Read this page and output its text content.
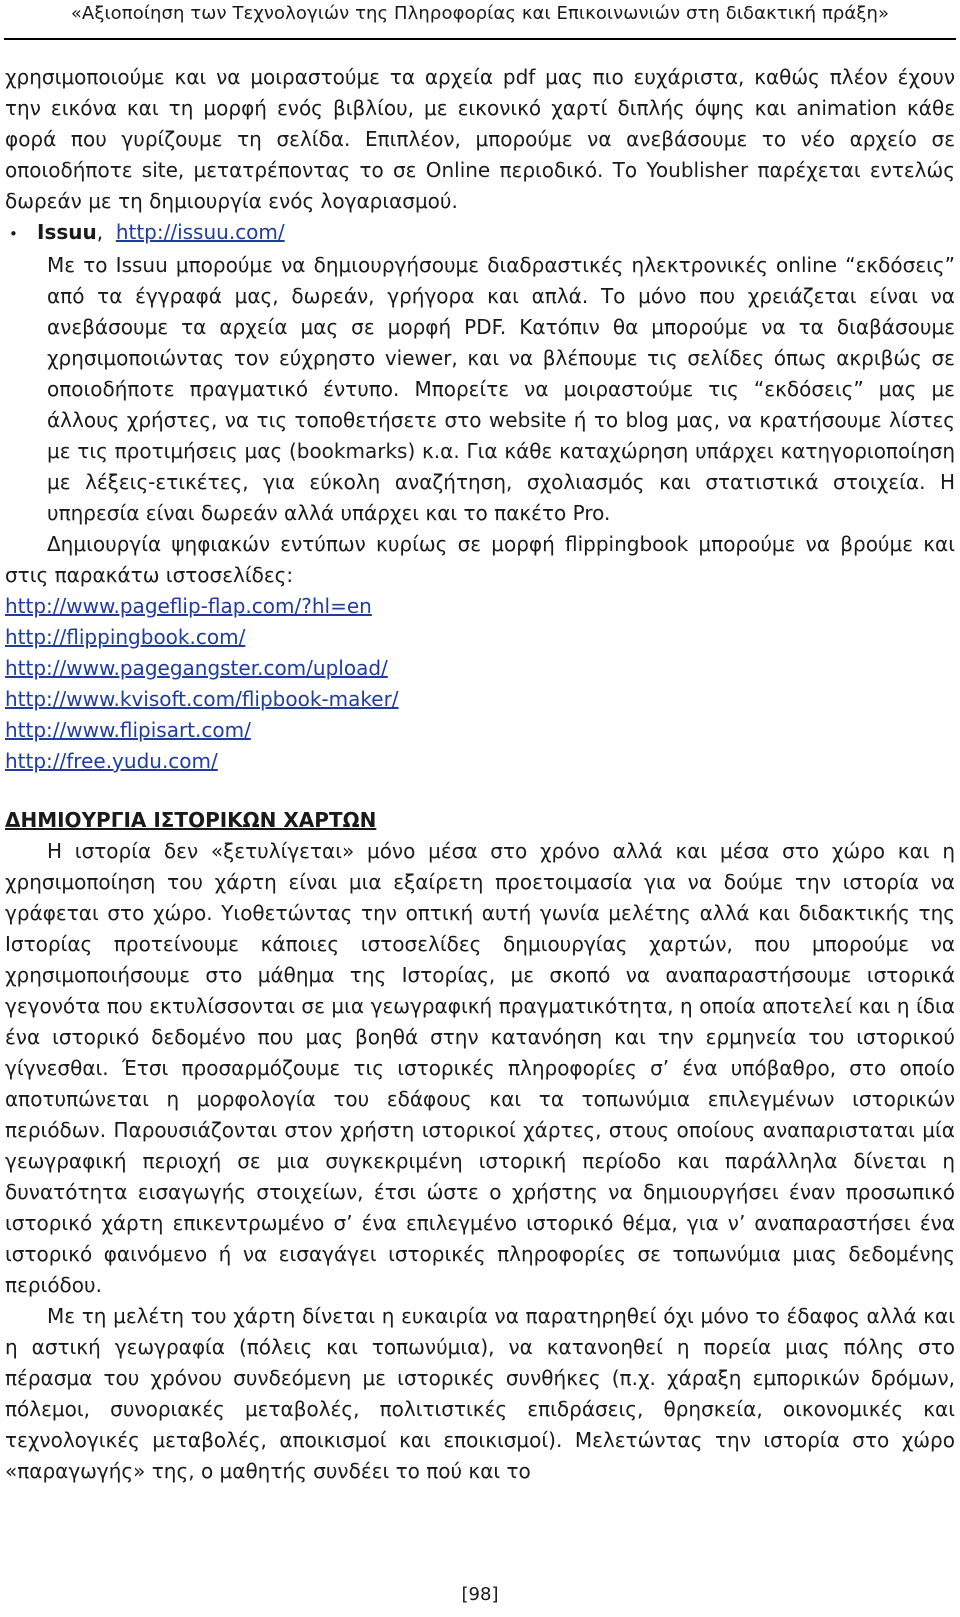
«Αξιοποίηση των Τεχνολογιών της Πληροφορίας και Επικοινωνιών στη διδακτική πράξη»

χρησιμοποιούμε και να μοιραστούμε τα αρχεία pdf μας πιο ευχάριστα, καθώς πλέον έχουν την εικόνα και τη μορφή ενός βιβλίου, με εικονικό χαρτί διπλής όψης και animation κάθε φορά που γυρίζουμε τη σελίδα. Επιπλέον, μπορούμε να ανεβάσουμε το νέο αρχείο σε οποιοδήποτε site, μετατρέποντας το σε Online περιοδικό. Το Youblisher παρέχεται εντελώς δωρεάν με τη δημιουργία ενός λογαριασμού.

• Issuu, http://issuu.com/

Με το Issuu μπορούμε να δημιουργήσουμε διαδραστικές ηλεκτρονικές online “εκδόσεις” από τα έγγραφά μας, δωρεάν, γρήγορα και απλά. Το μόνο που χρειάζεται είναι να ανεβάσουμε τα αρχεία μας σε μορφή PDF. Κατόπιν θα μπορούμε να τα διαβάσουμε χρησιμοποιώντας τον εύχρηστο viewer, και να βλέπουμε τις σελίδες όπως ακριβώς σε οποιοδήποτε πραγματικό έντυπο. Μπορείτε να μοιραστούμε τις “εκδόσεις” μας με άλλους χρήστες, να τις τοποθετήσετε στο website ή το blog μας, να κρατήσουμε λίστες με τις προτιμήσεις μας (bookmarks) κ.α. Για κάθε καταχώρηση υπάρχει κατηγοριοποίηση με λέξεις-ετικέτες, για εύκολη αναζήτηση, σχολιασμός και στατιστικά στοιχεία. Η υπηρεσία είναι δωρεάν αλλά υπάρχει και το πακέτο Pro.

Δημιουργία ψηφιακών εντύπων κυρίως σε μορφή flippingbook μπορούμε να βρούμε και στις παρακάτω ιστοσελίδες:

http://www.pageflip-flap.com/?hl=en
http://flippingbook.com/
http://www.pagegangster.com/upload/
http://www.kvisoft.com/flipbook-maker/
http://www.flipisart.com/
http://free.yudu.com/
ΔΗΜΙΟΥΡΓΙΑ ΙΣΤΟΡΙΚΩΝ ΧΑΡΤΩΝ

Η ιστορία δεν «ξετυλίγεται» μόνο μέσα στο χρόνο αλλά και μέσα στο χώρο και η χρησιμοποίηση του χάρτη είναι μια εξαίρετη προετοιμασία για να δούμε την ιστορία να γράφεται στο χώρο. Υιοθετώντας την οπτική αυτή γωνία μελέτης αλλά και διδακτικής της Ιστορίας προτείνουμε κάποιες ιστοσελίδες δημιουργίας χαρτών, που μπορούμε να χρησιμοποιήσουμε στο μάθημα της Ιστορίας, με σκοπό να αναπαραστήσουμε ιστορικά γεγονότα που εκτυλίσσονται σε μια γεωγραφική πραγματικότητα, η οποία αποτελεί και η ίδια ένα ιστορικό δεδομένο που μας βοηθά στην κατανόηση και την ερμηνεία του ιστορικού γίγνεσθαι. Έτσι προσαρμόζουμε τις ιστορικές πληροφορίες σ’ ένα υπόβαθρο, στο οποίο αποτυπώνεται η μορφολογία του εδάφους και τα τοπωνύμια επιλεγμένων ιστορικών περιόδων. Παρουσιάζονται στον χρήστη ιστορικοί χάρτες, στους οποίους αναπαρισταται μία γεωγραφική περιοχή σε μια συγκεκριμένη ιστορική περίοδο και παράλληλα δίνεται η δυνατότητα εισαγωγής στοιχείων, έτσι ώστε ο χρήστης να δημιουργήσει έναν προσωπικό ιστορικό χάρτη επικεντρωμένο σ’ ένα επιλεγμένο ιστορικό θέμα, για ν’ αναπαραστήσει ένα ιστορικό φαινόμενο ή να εισαγάγει ιστορικές πληροφορίες σε τοπωνύμια μιας δεδομένης περιόδου.

Με τη μελέτη του χάρτη δίνεται η ευκαιρία να παρατηρηθεί όχι μόνο το έδαφος αλλά και η αστική γεωγραφία (πόλεις και τοπωνύμια), να κατανοηθεί η πορεία μιας πόλης στο πέρασμα του χρόνου συνδεόμενη με ιστορικές συνθήκες (π.χ. χάραξη εμπορικών δρόμων, πόλεμοι, συνοριακές μεταβολές, πολιτιστικές επιδράσεις, θρησκεία, οικονομικές και τεχνολογικές μεταβολές, αποικισμοί και εποικισμοί). Μελετώντας την ιστορία στο χώρο «παραγωγής» της, ο μαθητής συνδέει το πού και το

[98]
